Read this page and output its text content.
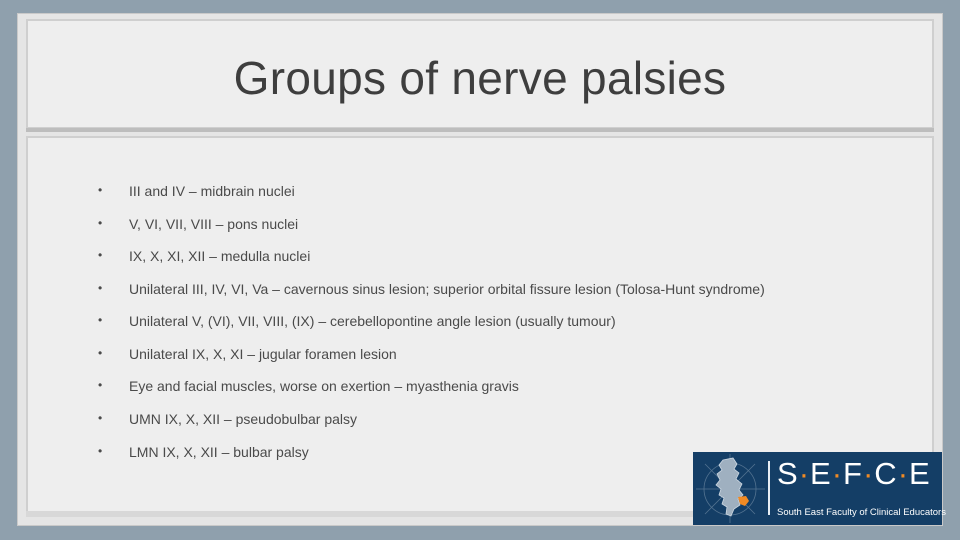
Groups of nerve palsies
• III and IV – midbrain nuclei
• V, VI, VII, VIII – pons nuclei
• IX, X, XI, XII – medulla nuclei
• Unilateral III, IV, VI, Va – cavernous sinus lesion; superior orbital fissure lesion (Tolosa-Hunt syndrome)
• Unilateral V, (VI), VII, VIII, (IX) – cerebellopontine angle lesion (usually tumour)
• Unilateral IX, X, XI – jugular foramen lesion
• Eye and facial muscles, worse on exertion – myasthenia gravis
• UMN IX, X, XII – pseudobulbar palsy
• LMN IX, X, XII – bulbar palsy
S·E·F·C·E
South East Faculty of Clinical Educators
